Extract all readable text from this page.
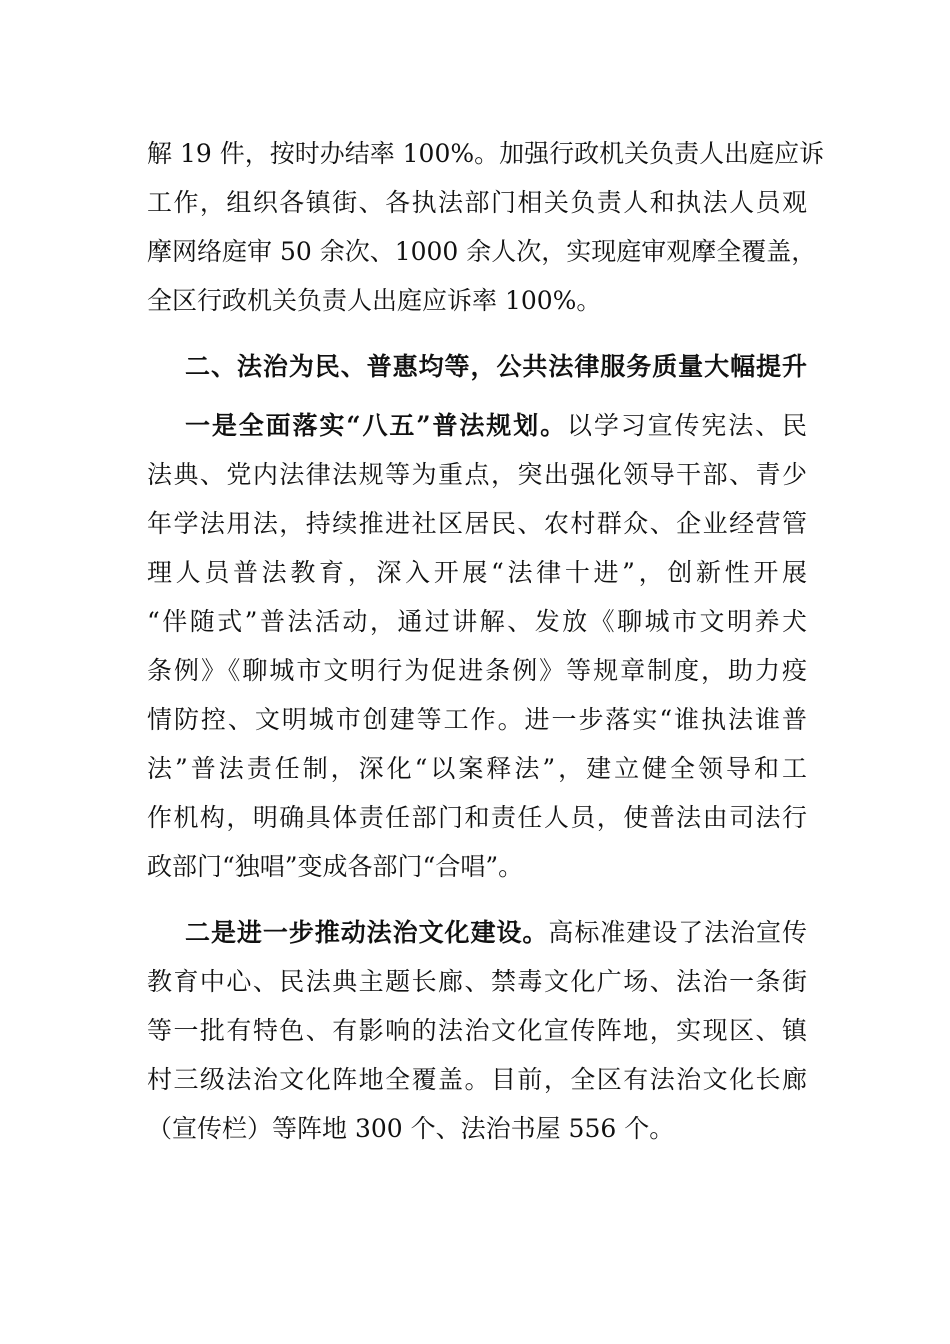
解 19 件，按时办结率 100%。加强行政机关负责人出庭应诉
工作，组织各镇街、各执法部门相关负责人和执法人员观
摩网络庭审 50 余次、1000 余人次，实现庭审观摩全覆盖，
全区行政机关负责人出庭应诉率 100%。
二、法治为民、普惠均等，公共法律服务质量大幅提升
一是全面落实“八五”普法规划。以学习宣传宪法、民
法典、党内法律法规等为重点，突出强化领导干部、青少
年学法用法，持续推进社区居民、农村群众、企业经营管
理人员普法教育，深入开展“法律十进”，创新性开展
“伴随式”普法活动，通过讲解、发放《聊城市文明养犬
条例》《聊城市文明行为促进条例》等规章制度，助力疫
情防控、文明城市创建等工作。进一步落实“谁执法谁普
法”普法责任制，深化“以案释法”，建立健全领导和工
作机构，明确具体责任部门和责任人员，使普法由司法行
政部门“独唱”变成各部门“合唱”。
二是进一步推动法治文化建设。高标准建设了法治宣传
教育中心、民法典主题长廊、禁毒文化广场、法治一条街
等一批有特色、有影响的法治文化宣传阵地，实现区、镇
村三级法治文化阵地全覆盖。目前，全区有法治文化长廊
（宣传栏）等阵地 300 个、法治书屋 556 个。
